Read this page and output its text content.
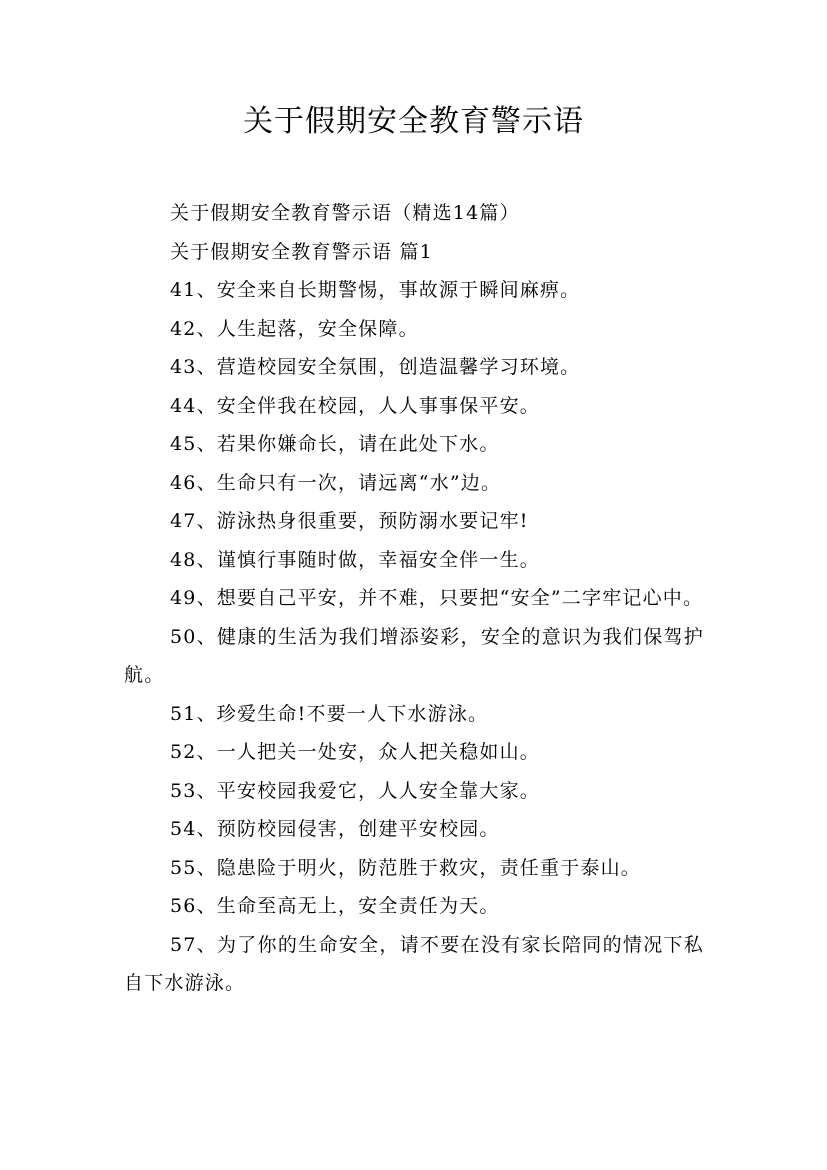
关于假期安全教育警示语

关于假期安全教育警示语（精选14篇）

关于假期安全教育警示语 篇1

41、安全来自长期警惕，事故源于瞬间麻痹。

42、人生起落，安全保障。

43、营造校园安全氛围，创造温馨学习环境。

44、安全伴我在校园，人人事事保平安。

45、若果你嫌命长，请在此处下水。

46、生命只有一次，请远离“水”边。

47、游泳热身很重要，预防溺水要记牢!

48、谨慎行事随时做，幸福安全伴一生。

49、想要自己平安，并不难，只要把“安全”二字牢记心中。

50、健康的生活为我们增添姿彩，安全的意识为我们保驾护航。

51、珍爱生命!不要一人下水游泳。

52、一人把关一处安，众人把关稳如山。

53、平安校园我爱它，人人安全靠大家。

54、预防校园侵害，创建平安校园。

55、隐患险于明火，防范胜于救灾，责任重于泰山。

56、生命至高无上，安全责任为天。

57、为了你的生命安全，请不要在没有家长陪同的情况下私自下水游泳。
